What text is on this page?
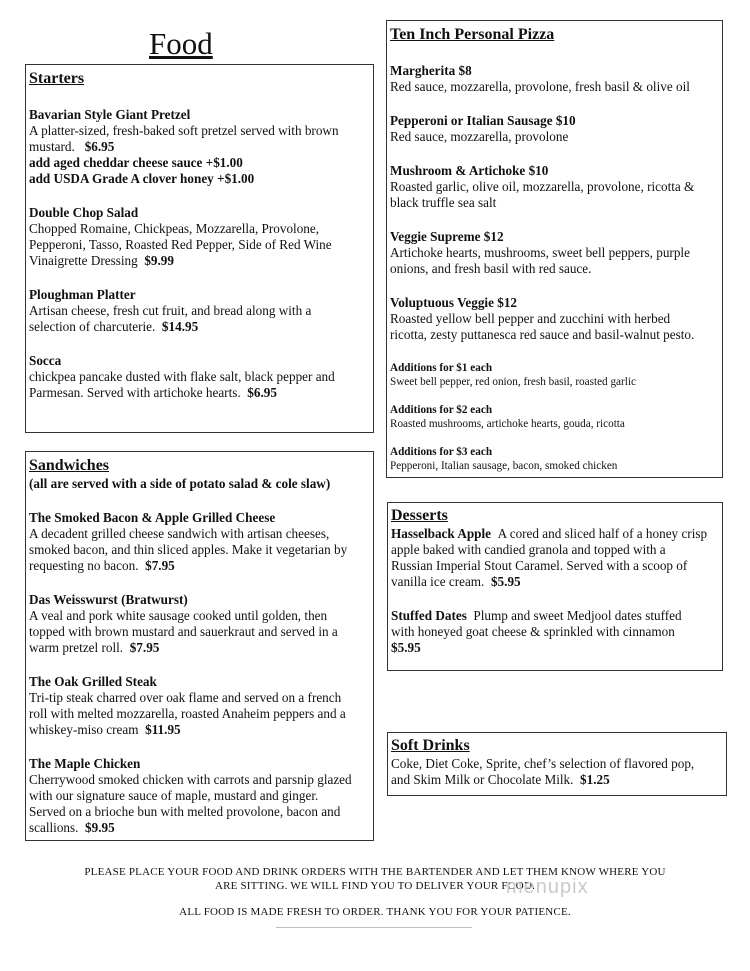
Food
Starters
Bavarian Style Giant Pretzel
A platter-sized, fresh-baked soft pretzel served with brown
mustard. $6.95
add aged cheddar cheese sauce +$1.00
add USDA Grade A clover honey +$1.00
Double Chop Salad
Chopped Romaine, Chickpeas, Mozzarella, Provolone,
Pepperoni, Tasso, Roasted Red Pepper, Side of Red Wine
Vinaigrette Dressing $9.99
Ploughman Platter
Artisan cheese, fresh cut fruit, and bread along with a
selection of charcuterie. $14.95
Socca
chickpea pancake dusted with flake salt, black pepper and
Parmesan. Served with artichoke hearts. $6.95
Sandwiches
(all are served with a side of potato salad & cole slaw)
The Smoked Bacon & Apple Grilled Cheese
A decadent grilled cheese sandwich with artisan cheeses,
smoked bacon, and thin sliced apples. Make it vegetarian by
requesting no bacon. $7.95
Das Weisswurst (Bratwurst)
A veal and pork white sausage cooked until golden, then
topped with brown mustard and sauerkraut and served in a
warm pretzel roll. $7.95
The Oak Grilled Steak
Tri-tip steak charred over oak flame and served on a french
roll with melted mozzarella, roasted Anaheim peppers and a
whiskey-miso cream $11.95
The Maple Chicken
Cherrywood smoked chicken with carrots and parsnip glazed
with our signature sauce of maple, mustard and ginger.
Served on a brioche bun with melted provolone, bacon and
scallions. $9.95
Ten Inch Personal Pizza
Margherita $8
Red sauce, mozzarella, provolone, fresh basil & olive oil
Pepperoni or Italian Sausage $10
Red sauce, mozzarella, provolone
Mushroom & Artichoke $10
Roasted garlic, olive oil, mozzarella, provolone, ricotta &
black truffle sea salt
Veggie Supreme $12
Artichoke hearts, mushrooms, sweet bell peppers, purple
onions, and fresh basil with red sauce.
Voluptuous Veggie $12
Roasted yellow bell pepper and zucchini with herbed
ricotta, zesty puttanesca red sauce and basil-walnut pesto.
Additions for $1 each
Sweet bell pepper, red onion, fresh basil, roasted garlic
Additions for $2 each
Roasted mushrooms, artichoke hearts, gouda, ricotta
Additions for $3 each
Pepperoni, Italian sausage, bacon, smoked chicken
Desserts
Hasselback Apple A cored and sliced half of a honey crisp
apple baked with candied granola and topped with a
Russian Imperial Stout Caramel. Served with a scoop of
vanilla ice cream. $5.95
Stuffed Dates Plump and sweet Medjool dates stuffed
with honeyed goat cheese & sprinkled with cinnamon
$5.95
Soft Drinks
Coke, Diet Coke, Sprite, chef’s selection of flavored pop,
and Skim Milk or Chocolate Milk. $1.25
PLEASE PLACE YOUR FOOD AND DRINK ORDERS WITH THE BARTENDER AND LET THEM KNOW WHERE YOU
ARE SITTING. WE WILL FIND YOU TO DELIVER YOUR FOOD.
menupix
ALL FOOD IS MADE FRESH TO ORDER. THANK YOU FOR YOUR PATIENCE.
